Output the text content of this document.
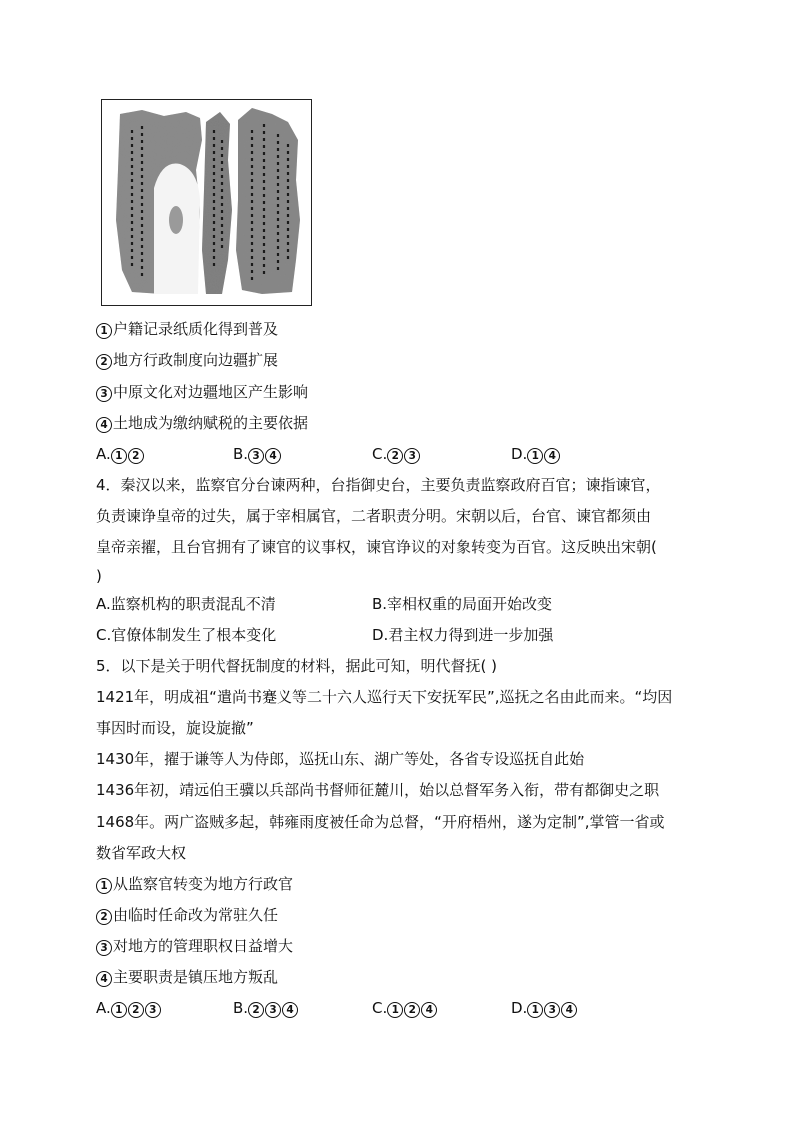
1 户籍记录纸质化得到普及
2 地方行政制度向边疆扩展
3 中原文化对边疆地区产生影响
4 土地成为缴纳赋税的主要依据
A. 1 2	B. 3 4	C. 2 3	D. 1 4
4．秦汉以来，监察官分台谏两种，台指御史台，主要负责监察政府百官；谏指谏官，
负责谏诤皇帝的过失，属于宰相属官，二者职责分明。宋朝以后，台官、谏官都须由
皇帝亲擢，且台官拥有了谏官的议事权，谏官诤议的对象转变为百官。这反映出宋朝(
)
A.监察机构的职责混乱不清	B.宰相权重的局面开始改变
C.官僚体制发生了根本变化	D.君主权力得到进一步加强
5．以下是关于明代督抚制度的材料，据此可知，明代督抚( )
1421年，明成祖“遣尚书蹇义等二十六人巡行天下安抚军民”,巡抚之名由此而来。“均因
事因时而设，旋设旋撤”
1430年，擢于谦等人为侍郎，巡抚山东、湖广等处，各省专设巡抚自此始
1436年初，靖远伯王骥以兵部尚书督师征麓川，始以总督军务入衔，带有都御史之职
1468年。两广盗贼多起，韩雍雨度被任命为总督，“开府梧州，遂为定制”,掌管一省或
数省军政大权
1 从监察官转变为地方行政官
2 由临时任命改为常驻久任
3 对地方的管理职权日益增大
4 主要职责是镇压地方叛乱
A. 1 2 3	B. 2 3 4	C. 1 2 4	D. 1 3 4
